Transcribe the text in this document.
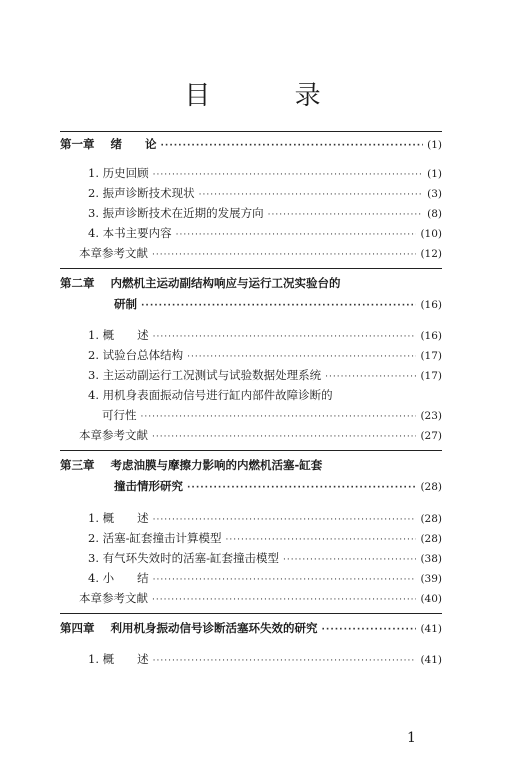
目 录
第一章 绪　　论 ·····	(1)
1. 历史回顾 ·····	(1)
2. 振声诊断技术现状 ·····	(3)
3. 振声诊断技术在近期的发展方向 ·····	(8)
4. 本书主要内容 ·····	(10)
本章参考文献 ·····	(12)
第二章 内燃机主运动副结构响应与运行工况实验台的
研制 ·····	(16)
1. 概　　述 ·····	(16)
2. 试验台总体结构 ·····	(17)
3. 主运动副运行工况测试与试验数据处理系统 ·····	(17)
4. 用机身表面振动信号进行缸内部件故障诊断的
可行性 ·····	(23)
本章参考文献 ·····	(27)
第三章 考虑油膜与摩擦力影响的内燃机活塞-缸套
撞击情形研究 ·····	(28)
1. 概　　述 ·····	(28)
2. 活塞-缸套撞击计算模型 ·····	(28)
3. 有气环失效时的活塞-缸套撞击模型 ·····	(38)
4. 小　　结 ·····	(39)
本章参考文献 ·····	(40)
第四章 利用机身振动信号诊断活塞环失效的研究 ·····	(41)
1. 概　　述 ·····	(41)
1
